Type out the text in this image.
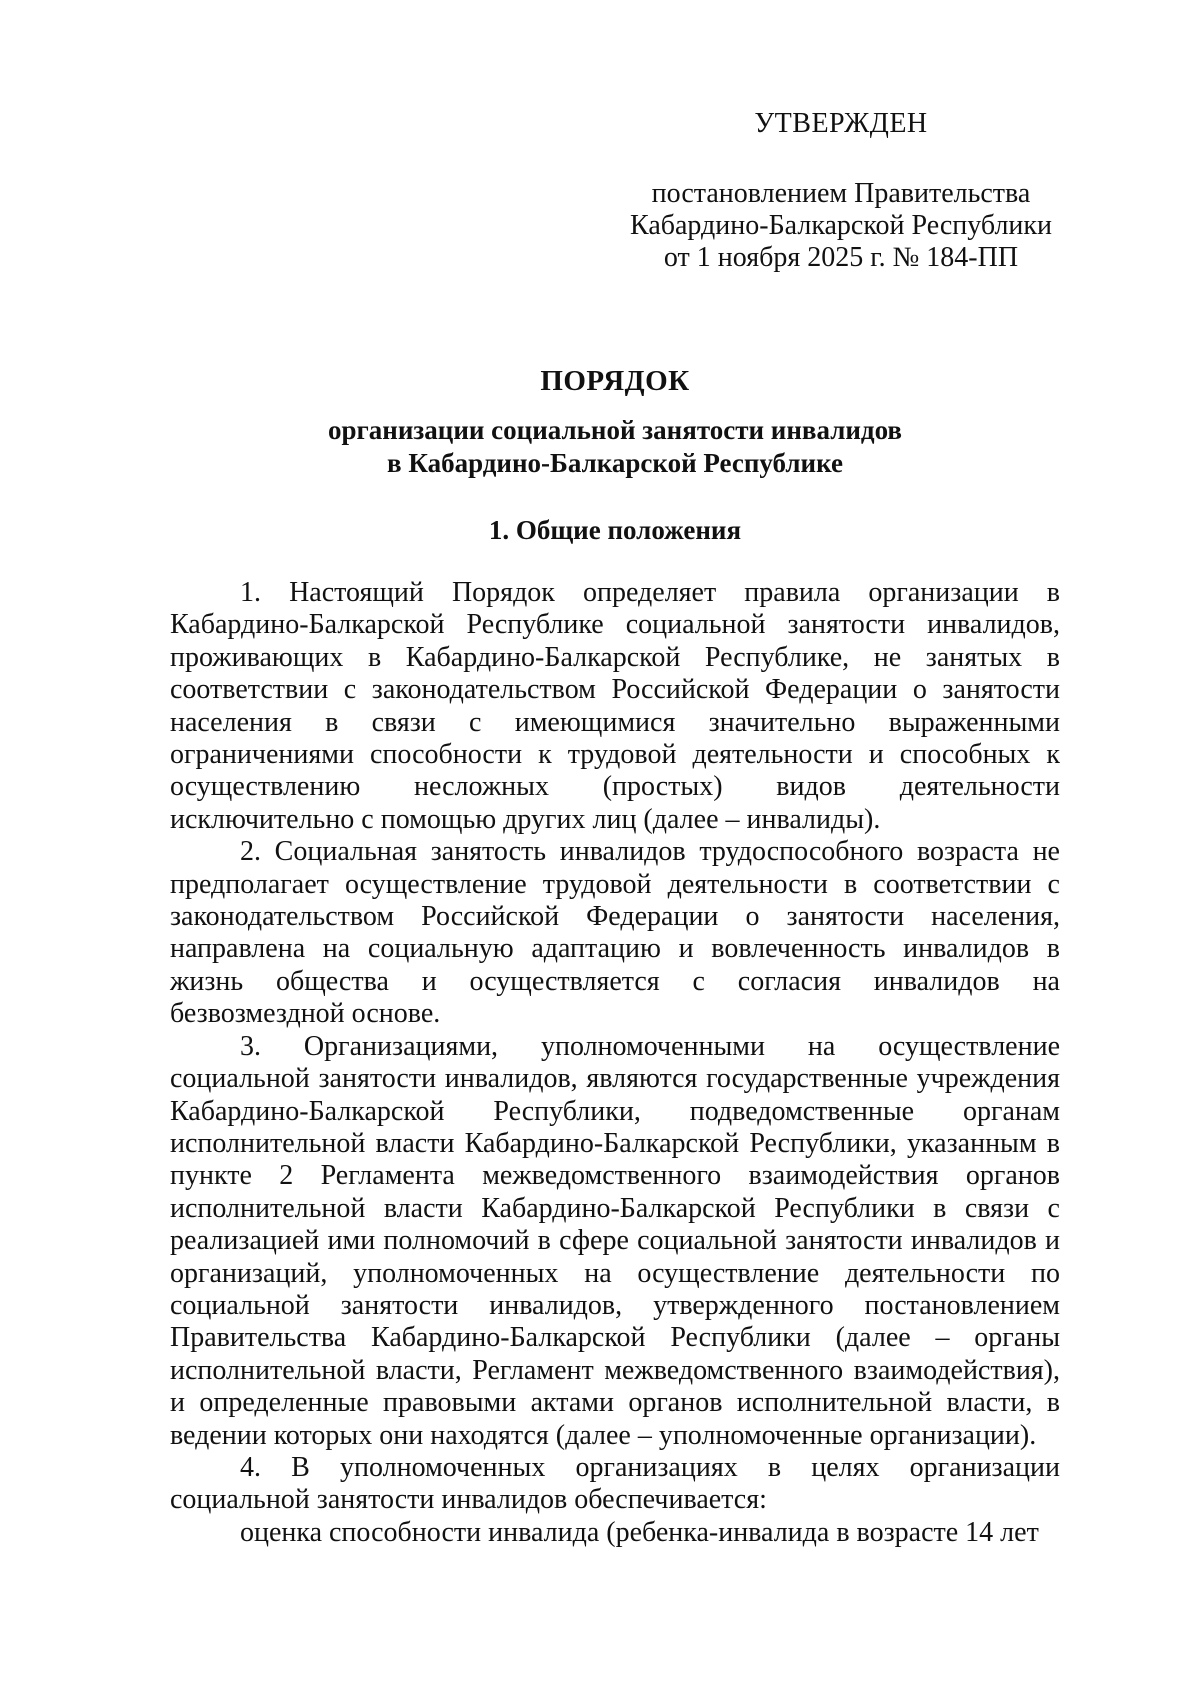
УТВЕРЖДЕН
постановлением Правительства
Кабардино-Балкарской Республики
от 1 ноября 2025 г. № 184-ПП
ПОРЯДОК
организации социальной занятости инвалидов
в Кабардино-Балкарской Республике
1. Общие положения

1. Настоящий Порядок определяет правила организации в Кабардино-Балкарской Республике социальной занятости инвалидов, проживающих в Кабардино-Балкарской Республике, не занятых в соответствии с законодательством Российской Федерации о занятости населения в связи с имеющимися значительно выраженными ограничениями способности к трудовой деятельности и способных к осуществлению несложных (простых) видов деятельности исключительно с помощью других лиц (далее – инвалиды).

2. Социальная занятость инвалидов трудоспособного возраста не предполагает осуществление трудовой деятельности в соответствии с законодательством Российской Федерации о занятости населения, направлена на социальную адаптацию и вовлеченность инвалидов в жизнь общества и осуществляется с согласия инвалидов на безвозмездной основе.

3. Организациями, уполномоченными на осуществление социальной занятости инвалидов, являются государственные учреждения Кабардино-Балкарской Республики, подведомственные органам исполнительной власти Кабардино-Балкарской Республики, указанным в пункте 2 Регламента межведомственного взаимодействия органов исполнительной власти Кабардино-Балкарской Республики в связи с реализацией ими полномочий в сфере социальной занятости инвалидов и организаций, уполномоченных на осуществление деятельности по социальной занятости инвалидов, утвержденного постановлением Правительства Кабардино-Балкарской Республики (далее – органы исполнительной власти, Регламент межведомственного взаимодействия), и определенные правовыми актами органов исполнительной власти, в ведении которых они находятся (далее – уполномоченные организации).

4. В уполномоченных организациях в целях организации социальной занятости инвалидов обеспечивается:

оценка способности инвалида (ребенка-инвалида в возрасте 14 лет
